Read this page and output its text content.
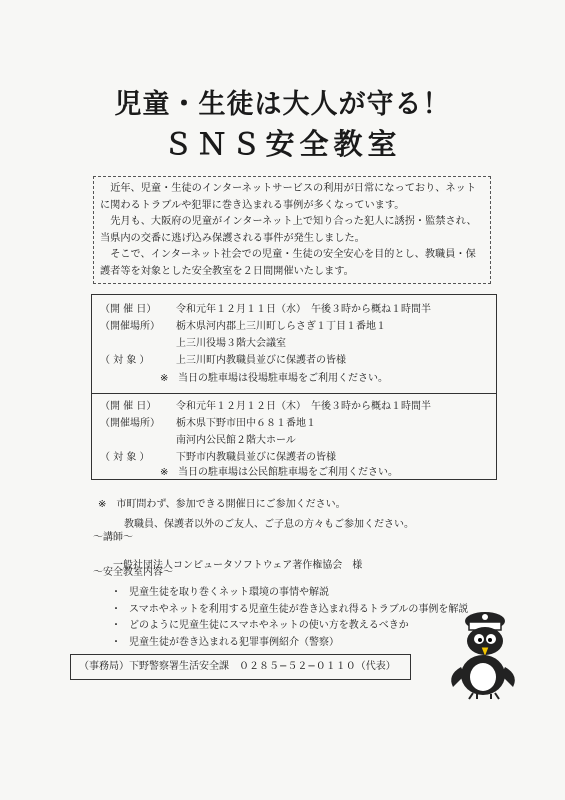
児童・生徒は大人が守る！
ＳＮＳ安全教室

近年、児童・生徒のインターネットサービスの利用が日常になっており、ネットに関わるトラブルや犯罪に巻き込まれる事例が多くなっています。

先月も、大阪府の児童がインターネット上で知り合った犯人に誘拐・監禁され、当県内の交番に逃げ込み保護される事件が発生しました。

そこで、インターネット社会での児童・生徒の安全安心を目的とし、教職員・保護者等を対象とした安全教室を２日間開催いたします。

（開 催 日） 令和元年１２月１１日（水）　午後３時から概ね１時間半
（開催場所） 栃木県河内郡上三川町しらさぎ１丁目１番地１
上三川役場３階大会議室
（ 対 象 ）	上三川町内教職員並びに保護者の皆様
※ 当日の駐車場は役場駐車場をご利用ください。
（開 催 日） 令和元年１２月１２日（木）　午後３時から概ね１時間半
（開催場所） 栃木県下野市田中６８１番地１
南河内公民館２階大ホール
（ 対 象 ）	下野市内教職員並びに保護者の皆様
※ 当日の駐車場は公民館駐車場をご利用ください。
※　 市町問わず、参加できる開催日にご参加ください。
教職員、保護者以外のご友人、ご子息の方々もご参加ください。
〜講師〜
一般社団法人コンピュータソフトウェア著作権協会　様
〜安全教室内容〜
・ 児童生徒を取り巻くネット環境の事情や解説
・ スマホやネットを利用する児童生徒が巻き込まれ得るトラブルの事例を解説
・ どのように児童生徒にスマホやネットの使い方を教えるべきか
・ 児童生徒が巻き込まれる犯罪事例紹介（警察）
（事務局）下野警察署生活安全課　０２８５−５２−０１１０（代表）
